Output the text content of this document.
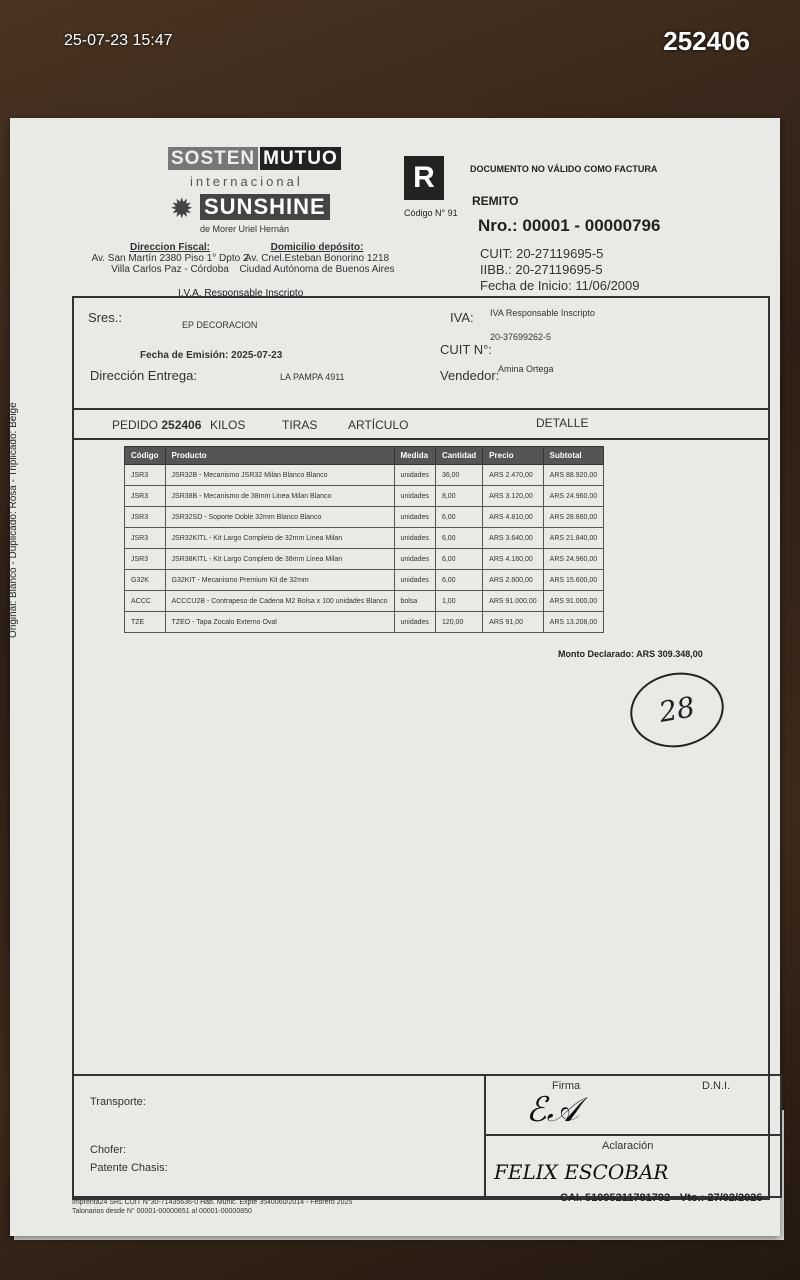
25-07-23 15:47	252406
SOSTEN MUTUO
internacional
✹ SUNSHINE
de Morer Uriel Hernán
Direccion Fiscal:
Av. San Martín 2380 Piso 1° Dpto 2
Villa Carlos Paz - Córdoba
Domicilio depósito:
Av. Cnel.Esteban Bonorino 1218
Ciudad Autónoma de Buenos Aires
I.V.A. Responsable Inscripto
R
Código N° 91
DOCUMENTO NO VÁLIDO COMO FACTURA
REMITO
Nro.: 00001 - 00000796
CUIT: 20-27119695-5
IIBB.: 20-27119695-5
Fecha de Inicio: 11/06/2009
Sres.:	EP DECORACION	IVA: IVA Responsable Inscripto
Fecha de Emisión: 2025-07-23	CUIT N°:
20-37699262-5
Dirección Entrega:	LA PAMPA 4911	Vendedor:
Amina Ortega
PEDIDO 252406 KILOS	TIRAS	ARTÍCULO	DETALLE
Código	Producto	Medida	Cantidad	Precio	Subtotal
JSR3	JSR32B - Mecanismo JSR32 Milan Blanco Blanco	unidades	36,00	ARS 2.470,00	ARS 88.920,00
JSR3	JSR38B - Mecanismo de 38mm Linea Milan Blanco	unidades	8,00	ARS 3.120,00	ARS 24.960,00
JSR3	JSR32SD - Soporte Doble 32mm Blanco Blanco	unidades	6,00	ARS 4.810,00	ARS 28.860,00
JSR3	JSR32KITL - Kit Largo Completo de 32mm Linea Milan	unidades	6,00	ARS 3.640,00	ARS 21.840,00
JSR3	JSR38KITL - Kit Largo Completo de 38mm Linea Milan	unidades	6,00	ARS 4.160,00	ARS 24.960,00
G32K	G32KIT - Mecanismo Premium Kit de 32mm	unidades	6,00	ARS 2.600,00	ARS 15.600,00
ACCC	ACCCU2B - Contrapeso de Cadena M2 Bolsa x 100 unidades Blanco	bolsa	1,00	ARS 91.000,00	ARS 91.000,00
TZE	TZEO - Tapa Zocalo Externo Oval	unidades	120,00	ARS 91,00	ARS 13.208,00
Monto Declarado: ARS 309.348,00
28
Original: Blanco - Duplicado: Rosa - Triplicado: Beige
Transporte:
Chofer:
Patente Chasis:
Firma	D.N.I.
ℰ𝒜
Aclaración
FELIX ESCOBAR
Imprenta24 SRL CUIT N°30-71435636-0 Hab. Munic. Expte 3540060/2014 - Febrero 2025
Talonarios desde N° 00001-00000651 al 00001-00000850
CAI. 51095211781792 - Vto.: 27/02/2026
